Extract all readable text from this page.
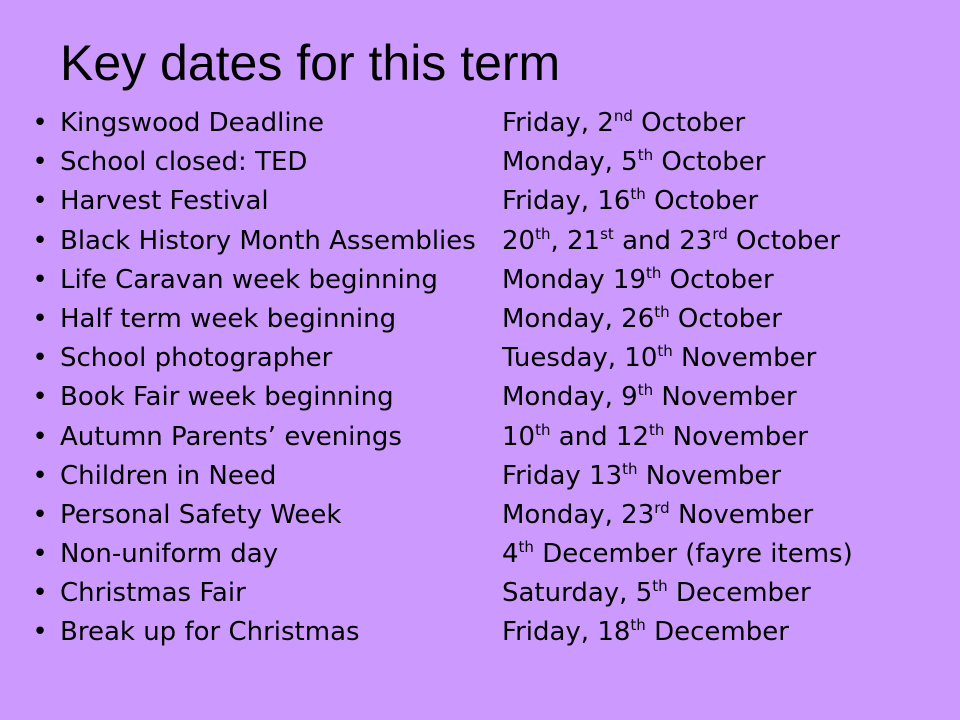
Key dates for this term
• Kingswood Deadline	Friday, 2nd October
• School closed: TED	Monday, 5th October
• Harvest Festival	Friday, 16th October
• Black History Month Assemblies 20th, 21st and 23rd October
• Life Caravan week beginning Monday 19th October
• Half term week beginning	Monday, 26th October
• School photographer	Tuesday, 10th November
• Book Fair week beginning	Monday, 9th November
• Autumn Parents’ evenings	10th and 12th November
• Children in Need	Friday 13th November
• Personal Safety Week	Monday, 23rd November
• Non-uniform day	4th December (fayre items)
• Christmas Fair	Saturday, 5th December
• Break up for Christmas	Friday, 18th December
